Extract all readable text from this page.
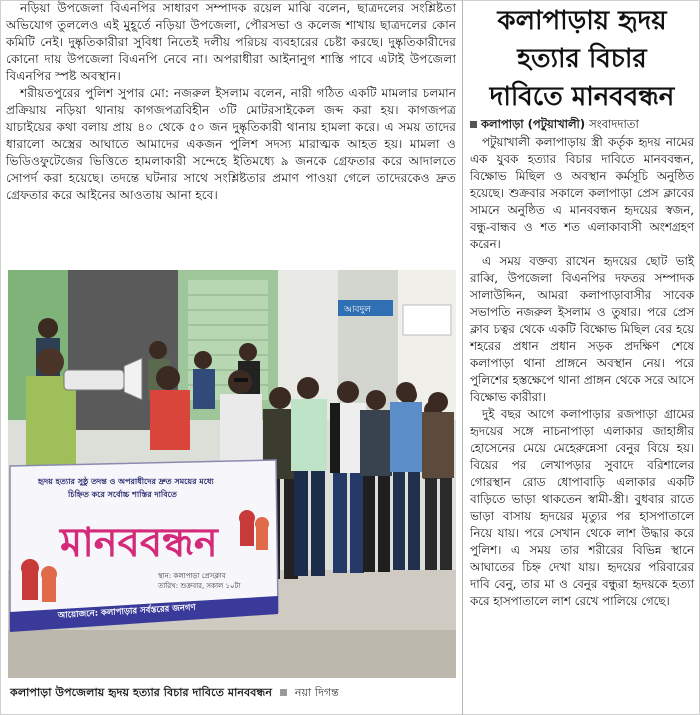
নড়িয়া উপজেলা বিএনপির সাধারণ সম্পাদক রয়েল মাঝি বলেন, ছাত্রদলের সংশ্লিষ্টতা অভিযোগ তুললেও এই মুহূর্তে নড়িয়া উপজেলা, পৌরসভা ও কলেজ শাখায় ছাত্রদলের কোন কমিটি নেই। দুষ্কৃতিকারীরা সুবিধা নিতেই দলীয় পরিচয় ব্যবহারের চেষ্টা করছে। দুষ্কৃতিকারীদের কোনো দায় উপজেলা বিএনপি নেবে না। অপরাধীরা আইনানুগ শাস্তি পাবে এটাই উপজেলা বিএনপির স্পষ্ট অবস্থান।

শরীয়তপুরের পুলিশ সুপার মো: নজরুল ইসলাম বলেন, নারী গঠিত একটি মামলার চলমান প্রক্রিয়ায় নড়িয়া থানায় কাগজপত্রবিহীন ৩টি মোটরসাইকেল জব্দ করা হয়। কাগজপত্র যাচাইয়ের কথা বলায় প্রায় ৪০ থেকে ৫০ জন দুষ্কৃতিকারী থানায় হামলা করে। এ সময় তাদের ধারালো অস্ত্রের আঘাতে আমাদের একজন পুলিশ সদস্য মারাত্মক আহত হয়। মামলা ও ভিডিওফুটেজের ভিত্তিতে হামলাকারী সন্দেহে ইতিমধ্যে ৯ জনকে গ্রেফতার করে আদালতে সোপর্দ করা হয়েছে। তদন্তে ঘটনার সাথে সংশ্লিষ্টতার প্রমাণ পাওয়া গেলে তাদেরকেও দ্রুত গ্রেফতার করে আইনের আওতায় আনা হবে।

আবদুল
হৃদয় হত্যার সুষ্ঠু তদন্ত ও অপরাধীদের দ্রুত সময়ের মধ্যে
চিহ্নিত করে সর্বোচ্চ শাস্তির দাবিতে
মানববন্ধন
স্থান: কলাপাড়া প্রেসক্লাব
তারিখ: শুক্রবার, সকাল ১০টা
আয়োজনে: কলাপাড়ার সর্বস্তরের জনগণ
কলাপাড়া উপজেলায় হৃদয় হত্যার বিচার দাবিতে মানববন্ধন নয়া দিগন্ত
কলাপাড়ায় হৃদয়
হত্যার বিচার
দাবিতে মানববন্ধন
কলাপাড়া (পটুয়াখালী) সংবাদদাতা

পটুয়াখালী কলাপাড়ায় স্ত্রী কর্তৃক হৃদয় নামের এক যুবক হত্যার বিচার দাবিতে মানববন্ধন, বিক্ষোভ মিছিল ও অবস্থান কর্মসূচি অনুষ্ঠিত হয়েছে। শুক্রবার সকালে কলাপাড়া প্রেস ক্লাবের সামনে অনুষ্ঠিত এ মানববন্ধন হৃদয়ের স্বজন, বন্ধু-বান্ধব ও শত শত এলাকাবাসী অংশগ্রহণ করেন।

এ সময় বক্তব্য রাখেন হৃদয়ের ছোট ভাই রাব্বি, উপজেলা বিএনপির দফতর সম্পাদক সালাউদ্দিন, আমরা কলাপাড়াবাসীর সাবেক সভাপতি নজরুল ইসলাম ও তুষার। পরে প্রেস ক্লাব চত্বর থেকে একটি বিক্ষোভ মিছিল বের হয়ে শহরের প্রধান প্রধান সড়ক প্রদক্ষিণ শেষে কলাপাড়া থানা প্রাঙ্গনে অবস্থান নেয়। পরে পুলিশের হস্তক্ষেপে থানা প্রাঙ্গন থেকে সরে আসে বিক্ষোভ কারীরা।

দুই বছর আগে কলাপাড়ার রজপাড়া গ্রামের হৃদয়ের সঙ্গে নাচনাপাড়া এলাকার জাহাঙ্গীর হোসেনের মেয়ে মেহেরুন্নেসা বেনুর বিয়ে হয়। বিয়ের পর লেখাপড়ার সুবাদে বরিশালের গোরস্থান রোড ধোপাবাড়ি এলাকার একটি বাড়িতে ভাড়া থাকতেন স্বামী-স্ত্রী। বুধবার রাতে ভাড়া বাসায় হৃদয়ের মৃত্যুর পর হাসপাতালে নিয়ে যায়। পরে সেখান থেকে লাশ উদ্ধার করে পুলিশ। এ সময় তার শরীরের বিভিন্ন স্থানে আঘাতের চিহ্ন দেখা যায়। হৃদয়ের পরিবারের দাবি বেনু, তার মা ও বেনুর বন্ধুরা হৃদয়কে হত্যা করে হাসপাতালে লাশ রেখে পালিয়ে গেছে।
